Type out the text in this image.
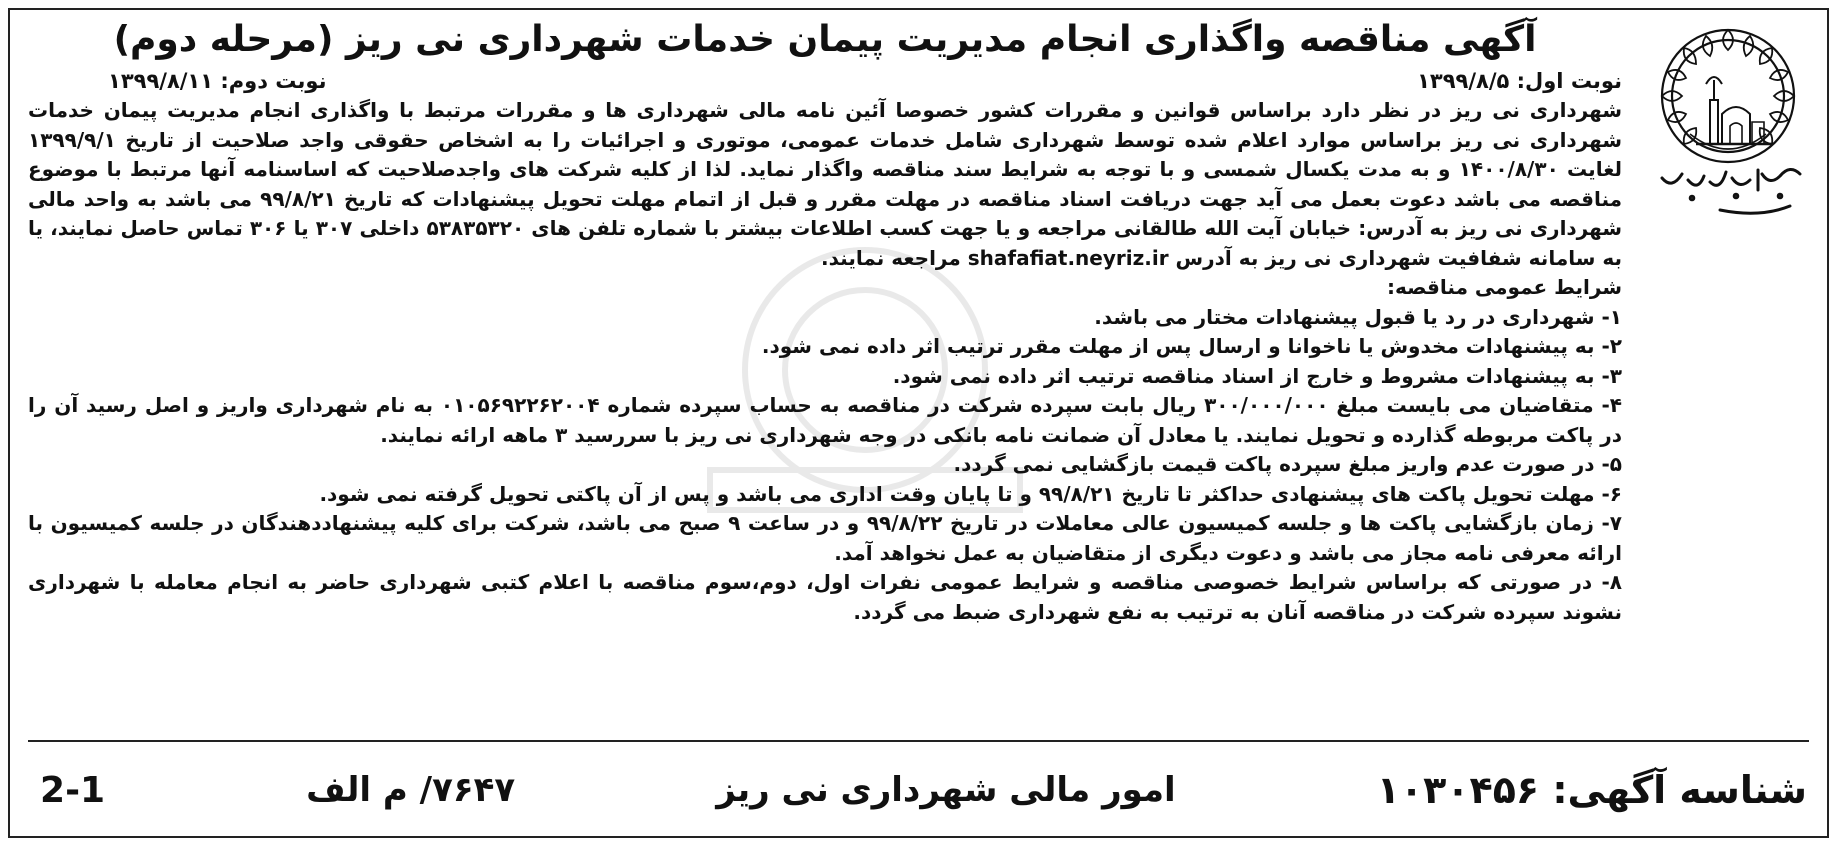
آگهی مناقصه واگذاری انجام مدیریت پیمان خدمات شهرداری نی ریز (مرحله دوم)
نوبت اول: ۱۳۹۹/۸/۵
نوبت دوم: ۱۳۹۹/۸/۱۱

شهرداری نی ریز در نظر دارد براساس قوانین و مقررات کشور خصوصا آئین نامه مالی شهرداری ها و مقررات مرتبط با واگذاری انجام مدیریت پیمان خدمات شهرداری نی ریز براساس موارد اعلام شده توسط شهرداری شامل خدمات عمومی، موتوری و اجرائیات را به اشخاص حقوقی واجد صلاحیت از تاریخ ۱۳۹۹/۹/۱ لغایت ۱۴۰۰/۸/۳۰ و به مدت یکسال شمسی و با توجه به شرایط سند مناقصه واگذار نماید. لذا از کلیه شرکت های واجدصلاحیت که اساسنامه آنها مرتبط با موضوع مناقصه می باشد دعوت بعمل می آید جهت دریافت اسناد مناقصه در مهلت مقرر و قبل از اتمام مهلت تحویل پیشنهادات که تاریخ ۹۹/۸/۲۱ می باشد به واحد مالی شهرداری نی ریز به آدرس: خیابان آیت الله طالقانی مراجعه و یا جهت کسب اطلاعات بیشتر با شماره تلفن های ۵۳۸۳۵۳۲۰ داخلی ۳۰۷ یا ۳۰۶ تماس حاصل نمایند، یا به سامانه شفافیت شهرداری نی ریز به آدرس shafafiat.neyriz.ir مراجعه نمایند.

شرایط عمومی مناقصه:

۱- شهرداری در رد یا قبول پیشنهادات مختار می باشد.

۲- به پیشنهادات مخدوش یا ناخوانا و ارسال پس از مهلت مقرر ترتیب اثر داده نمی شود.

۳- به پیشنهادات مشروط و خارج از اسناد مناقصه ترتیب اثر داده نمی شود.

۴- متقاضیان می بایست مبلغ ۳۰۰/۰۰۰/۰۰۰ ریال بابت سپرده شرکت در مناقصه به حساب سپرده شماره ۰۱۰۵۶۹۲۲۶۲۰۰۴ به نام شهرداری واریز و اصل رسید آن را در پاکت مربوطه گذارده و تحویل نمایند. یا معادل آن ضمانت نامه بانکی در وجه شهرداری نی ریز با سررسید ۳ ماهه ارائه نمایند.

۵- در صورت عدم واریز مبلغ سپرده پاکت قیمت بازگشایی نمی گردد.

۶- مهلت تحویل پاکت های پیشنهادی حداکثر تا تاریخ ۹۹/۸/۲۱ و تا پایان وقت اداری می باشد و پس از آن پاکتی تحویل گرفته نمی شود.

۷- زمان بازگشایی پاکت ها و جلسه کمیسیون عالی معاملات در تاریخ ۹۹/۸/۲۲ و در ساعت ۹ صبح می باشد، شرکت برای کلیه پیشنهاددهندگان در جلسه کمیسیون با ارائه معرفی نامه مجاز می باشد و دعوت دیگری از متقاضیان به عمل نخواهد آمد.

۸- در صورتی که براساس شرایط خصوصی مناقصه و شرایط عمومی نفرات اول، دوم،سوم مناقصه با اعلام کتبی شهرداری حاضر به انجام معامله با شهرداری نشوند سپرده شرکت در مناقصه آنان به ترتیب به نفع شهرداری ضبط می گردد.

شناسه آگهی: ۱۰۳۰۴۵۶
امور مالی شهرداری نی ریز
۷۶۴۷/ م الف
2-1
